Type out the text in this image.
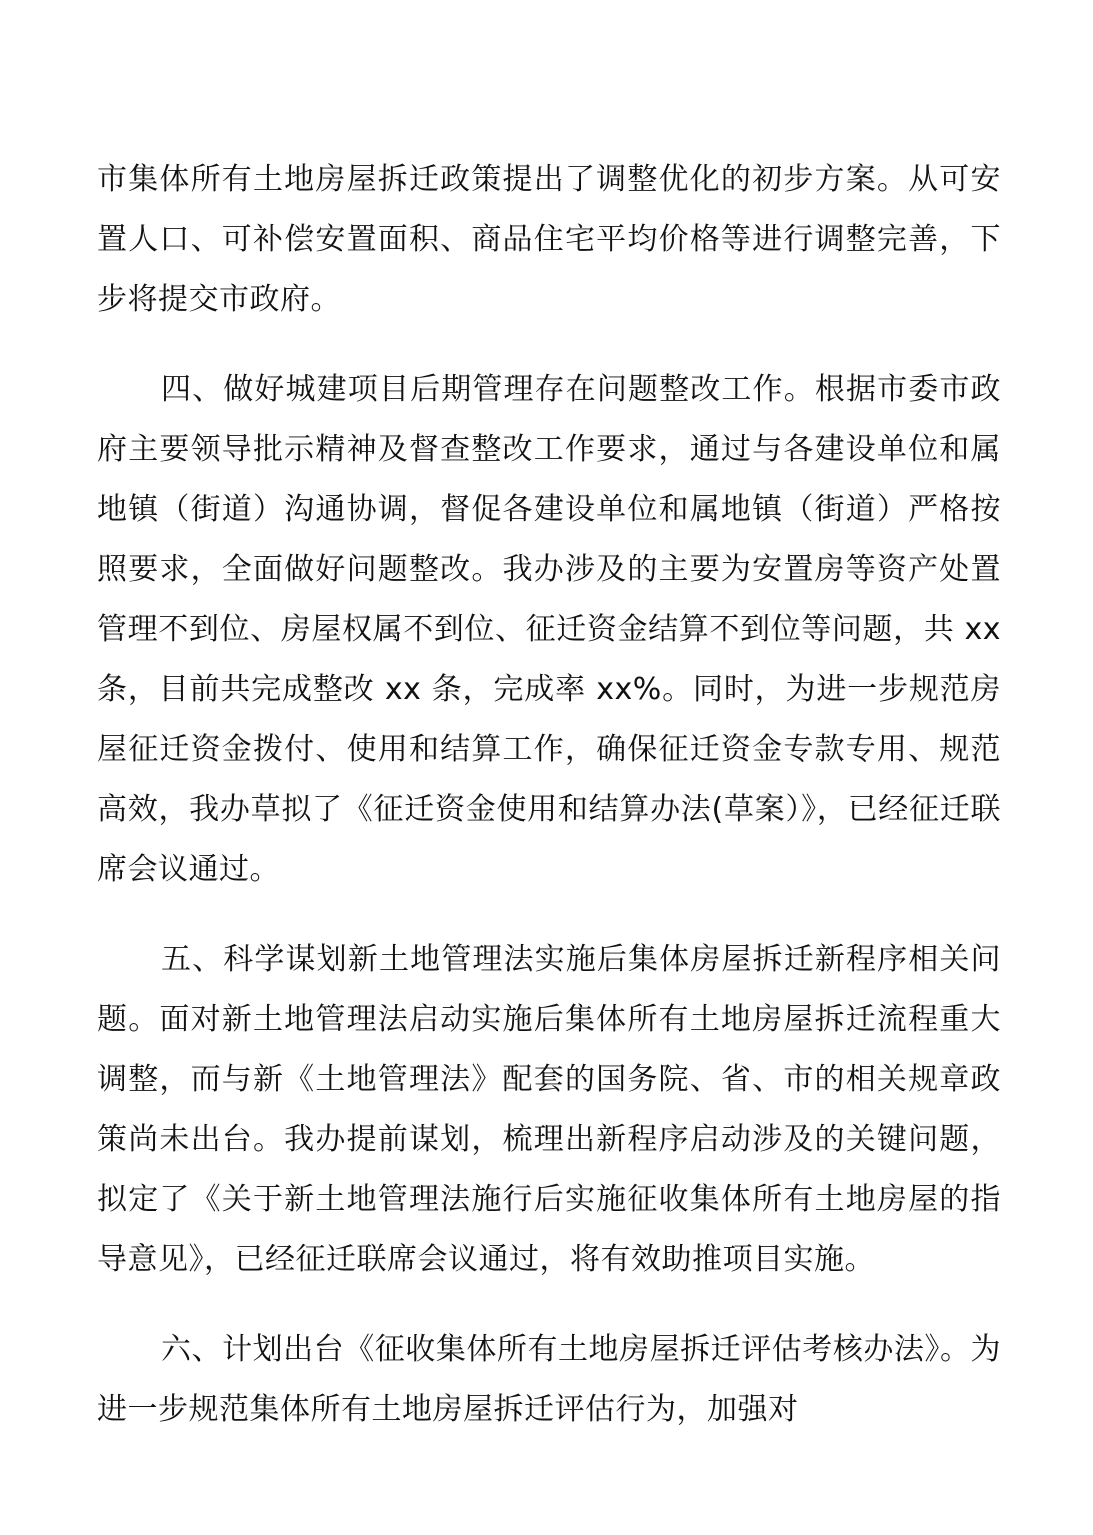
市集体所有土地房屋拆迁政策提出了调整优化的初步方案。从可安置人口、可补偿安置面积、商品住宅平均价格等进行调整完善，下步将提交市政府。

四、做好城建项目后期管理存在问题整改工作。根据市委市政府主要领导批示精神及督查整改工作要求，通过与各建设单位和属地镇（街道）沟通协调，督促各建设单位和属地镇（街道）严格按照要求，全面做好问题整改。我办涉及的主要为安置房等资产处置管理不到位、房屋权属不到位、征迁资金结算不到位等问题，共 xx 条，目前共完成整改 xx 条，完成率 xx%。同时，为进一步规范房屋征迁资金拨付、使用和结算工作，确保征迁资金专款专用、规范高效，我办草拟了《征迁资金使用和结算办法(草案）》，已经征迁联席会议通过。

五、科学谋划新土地管理法实施后集体房屋拆迁新程序相关问题。面对新土地管理法启动实施后集体所有土地房屋拆迁流程重大调整，而与新《土地管理法》配套的国务院、省、市的相关规章政策尚未出台。我办提前谋划，梳理出新程序启动涉及的关键问题，拟定了《关于新土地管理法施行后实施征收集体所有土地房屋的指导意见》，已经征迁联席会议通过，将有效助推项目实施。

六、计划出台《征收集体所有土地房屋拆迁评估考核办法》。为进一步规范集体所有土地房屋拆迁评估行为，加强对
